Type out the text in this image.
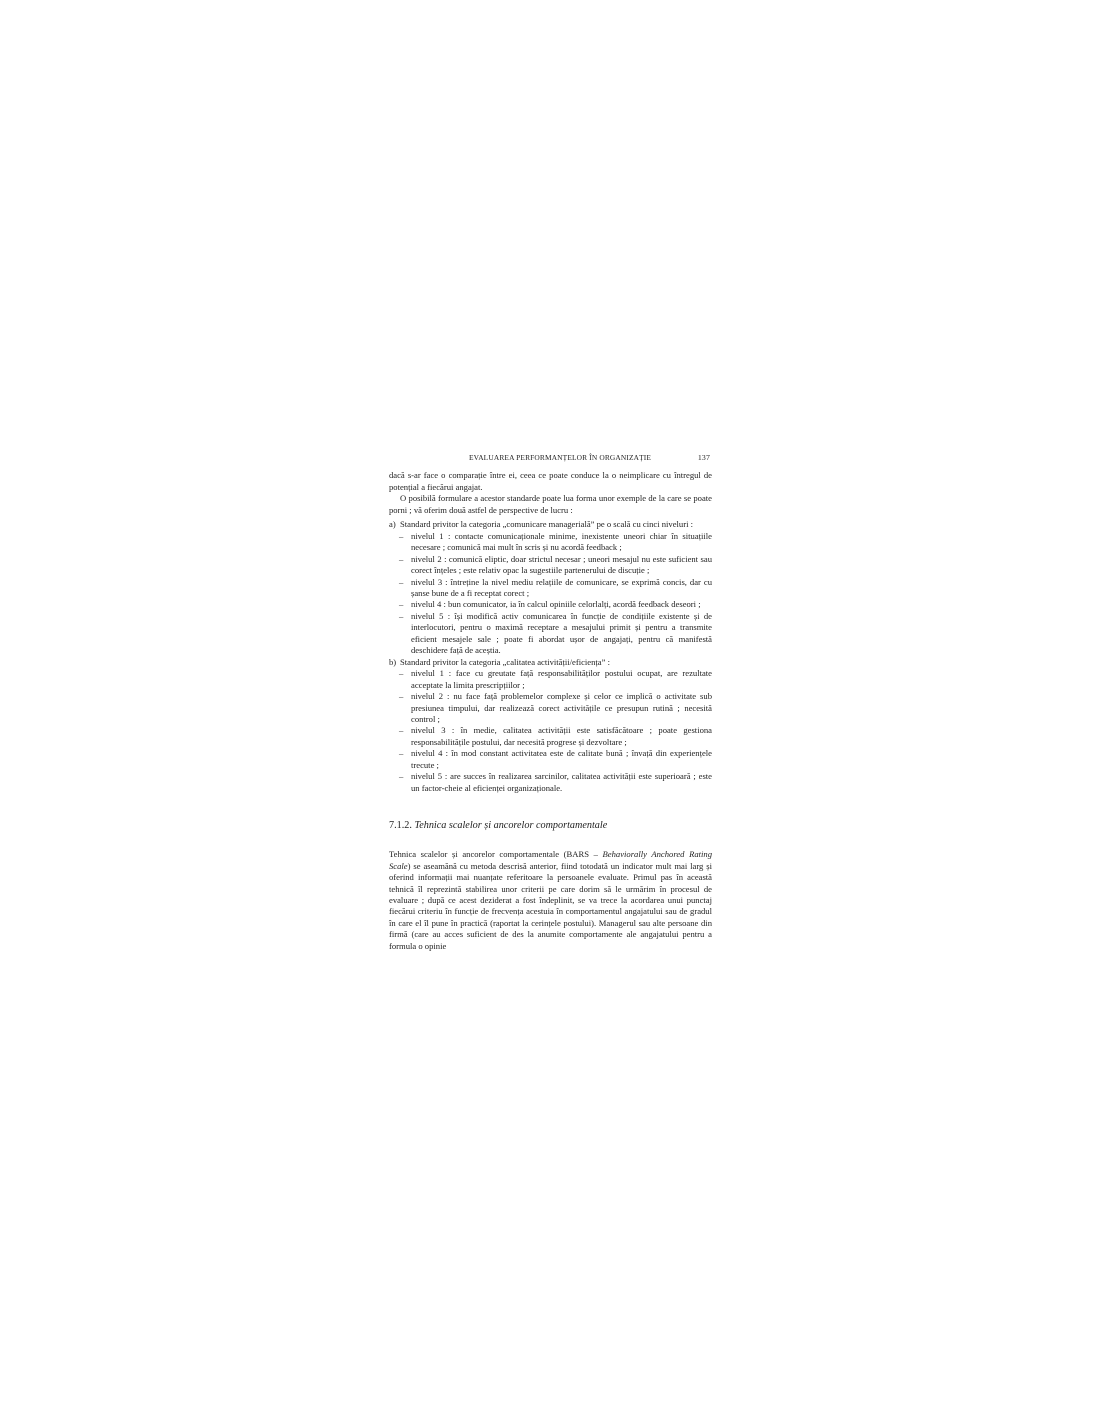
EVALUAREA PERFORMANȚELOR ÎN ORGANIZAȚIE	137

dacă s-ar face o comparație între ei, ceea ce poate conduce la o neimplicare cu întregul de potențial a fiecărui angajat.

O posibilă formulare a acestor standarde poate lua forma unor exemple de la care se poate porni ; vă oferim două astfel de perspective de lucru :

a) Standard privitor la categoria „comunicare managerială” pe o scală cu cinci niveluri :

– nivelul 1 : contacte comunicaționale minime, inexistente uneori chiar în situațiile necesare ; comunică mai mult în scris și nu acordă feedback ;
– nivelul 2 : comunică eliptic, doar strictul necesar ; uneori mesajul nu este suficient sau corect înțeles ; este relativ opac la sugestiile partenerului de discuție ;
– nivelul 3 : întreține la nivel mediu relațiile de comunicare, se exprimă concis, dar cu șanse bune de a fi receptat corect ;
– nivelul 4 : bun comunicator, ia în calcul opiniile celorlalți, acordă feedback deseori ;
– nivelul 5 : își modifică activ comunicarea în funcție de condițiile existente și de interlocutori, pentru o maximă receptare a mesajului primit și pentru a transmite eficient mesajele sale ; poate fi abordat ușor de angajați, pentru că manifestă deschidere față de aceștia.
b) Standard privitor la categoria „calitatea activității/eficiența” :

– nivelul 1 : face cu greutate față responsabilităților postului ocupat, are rezultate acceptate la limita prescripțiilor ;
– nivelul 2 : nu face față problemelor complexe și celor ce implică o activitate sub presiunea timpului, dar realizează corect activitățile ce presupun rutină ; necesită control ;
– nivelul 3 : în medie, calitatea activității este satisfăcătoare ; poate gestiona responsabilitățile postului, dar necesită progrese și dezvoltare ;
– nivelul 4 : în mod constant activitatea este de calitate bună ; învață din experiențele trecute ;
– nivelul 5 : are succes în realizarea sarcinilor, calitatea activității este superioară ; este un factor-cheie al eficienței organizaționale.
7.1.2. Tehnica scalelor și ancorelor comportamentale

Tehnica scalelor și ancorelor comportamentale (BARS – Behaviorally Anchored Rating Scale) se aseamănă cu metoda descrisă anterior, fiind totodată un indicator mult mai larg și oferind informații mai nuanțate referitoare la persoanele evaluate. Primul pas în această tehnică îl reprezintă stabilirea unor criterii pe care dorim să le urmărim în procesul de evaluare ; după ce acest deziderat a fost îndeplinit, se va trece la acordarea unui punctaj fiecărui criteriu în funcție de frecvența acestuia în comportamentul angajatului sau de gradul în care el îl pune în practică (raportat la cerințele postului). Managerul sau alte persoane din firmă (care au acces suficient de des la anumite comportamente ale angajatului pentru a formula o opinie
